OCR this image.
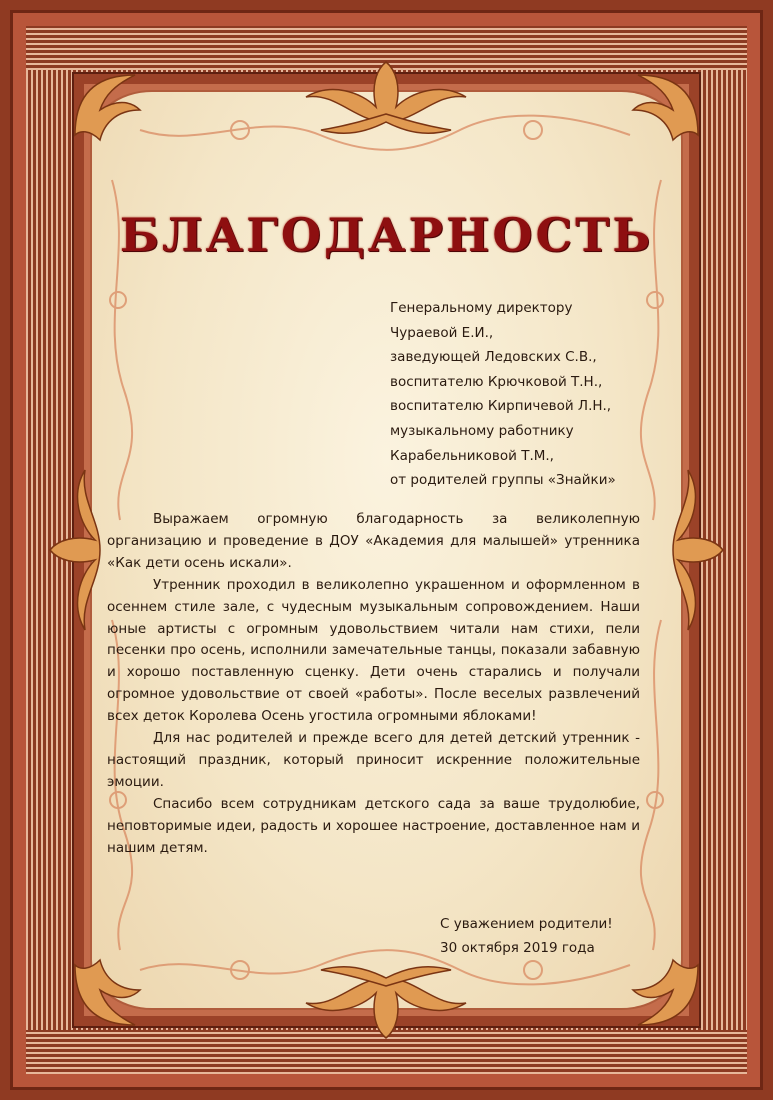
БЛАГОДАРНОСТЬ
Генеральному директору
Чураевой Е.И.,
заведующей Ледовских С.В.,
воспитателю Крючковой Т.Н.,
воспитателю Кирпичевой Л.Н.,
музыкальному работнику
Карабельниковой Т.М.,
от родителей группы «Знайки»

Выражаем огромную благодарность за великолепную организацию и проведение в ДОУ «Академия для малышей» утренника «Как дети осень искали».

Утренник проходил в великолепно украшенном и оформленном в осеннем стиле зале, с чудесным музыкальным сопровождением. Наши юные артисты с огромным удовольствием читали нам стихи, пели песенки про осень, исполнили замечательные танцы, показали забавную и хорошо поставленную сценку. Дети очень старались и получали огромное удовольствие от своей «работы». После веселых развлечений всех деток Королева Осень угостила огромными яблоками!

Для нас родителей и прежде всего для детей детский утренник - настоящий праздник, который приносит искренние положительные эмоции.

Спасибо всем сотрудникам детского сада за ваше трудолюбие, неповторимые идеи, радость и хорошее настроение, доставленное нам и нашим детям.

С уважением родители!
30 октября 2019 года
